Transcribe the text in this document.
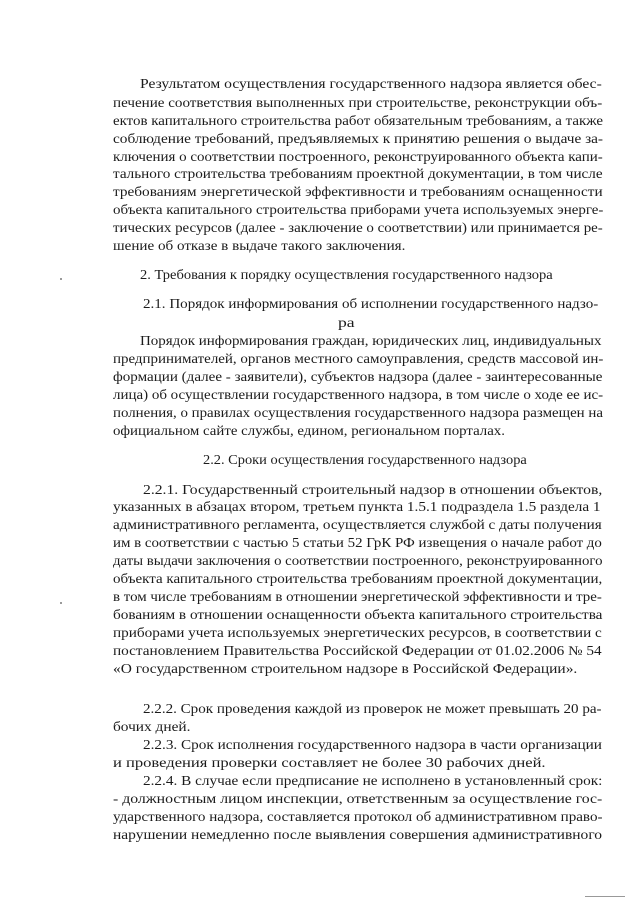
Результатом осуществления государственного надзора является обес-
печение соответствия выполненных при строительстве, реконструкции объ-
ектов капитального строительства работ обязательным требованиям, а также
соблюдение требований, предъявляемых к принятию решения о выдаче за-
ключения о соответствии построенного, реконструированного объекта капи-
тального строительства требованиям проектной документации, в том числе
требованиям энергетической эффективности и требованиям оснащенности
объекта капитального строительства приборами учета используемых энерге-
тических ресурсов (далее - заключение о соответствии) или принимается ре-
шение об отказе в выдаче такого заключения.
2. Требования к порядку осуществления государственного надзора
2.1. Порядок информирования об исполнении государственного надзо-
ра
Порядок информирования граждан, юридических лиц, индивидуальных
предпринимателей, органов местного самоуправления, средств массовой ин-
формации (далее - заявители), субъектов надзора (далее - заинтересованные
лица) об осуществлении государственного надзора, в том числе о ходе ее ис-
полнения, о правилах осуществления государственного надзора размещен на
официальном сайте службы, едином, региональном порталах.
2.2. Сроки осуществления государственного надзора
2.2.1. Государственный строительный надзор в отношении объектов,
указанных в абзацах втором, третьем пункта 1.5.1 подраздела 1.5 раздела 1
административного регламента, осуществляется службой с даты получения
им в соответствии с частью 5 статьи 52 ГрК РФ извещения о начале работ до
даты выдачи заключения о соответствии построенного, реконструированного
объекта капитального строительства требованиям проектной документации,
в том числе требованиям в отношении энергетической эффективности и тре-
бованиям в отношении оснащенности объекта капитального строительства
приборами учета используемых энергетических ресурсов, в соответствии с
постановлением Правительства Российской Федерации от 01.02.2006 № 54
«О государственном строительном надзоре в Российской Федерации».
2.2.2. Срок проведения каждой из проверок не может превышать 20 ра-
бочих дней.
2.2.3. Срок исполнения государственного надзора в части организации
и проведения проверки составляет не более 30 рабочих дней.
2.2.4. В случае если предписание не исполнено в установленный срок:
- должностным лицом инспекции, ответственным за осуществление гос-
ударственного надзора, составляется протокол об административном право-
нарушении немедленно после выявления совершения административного
